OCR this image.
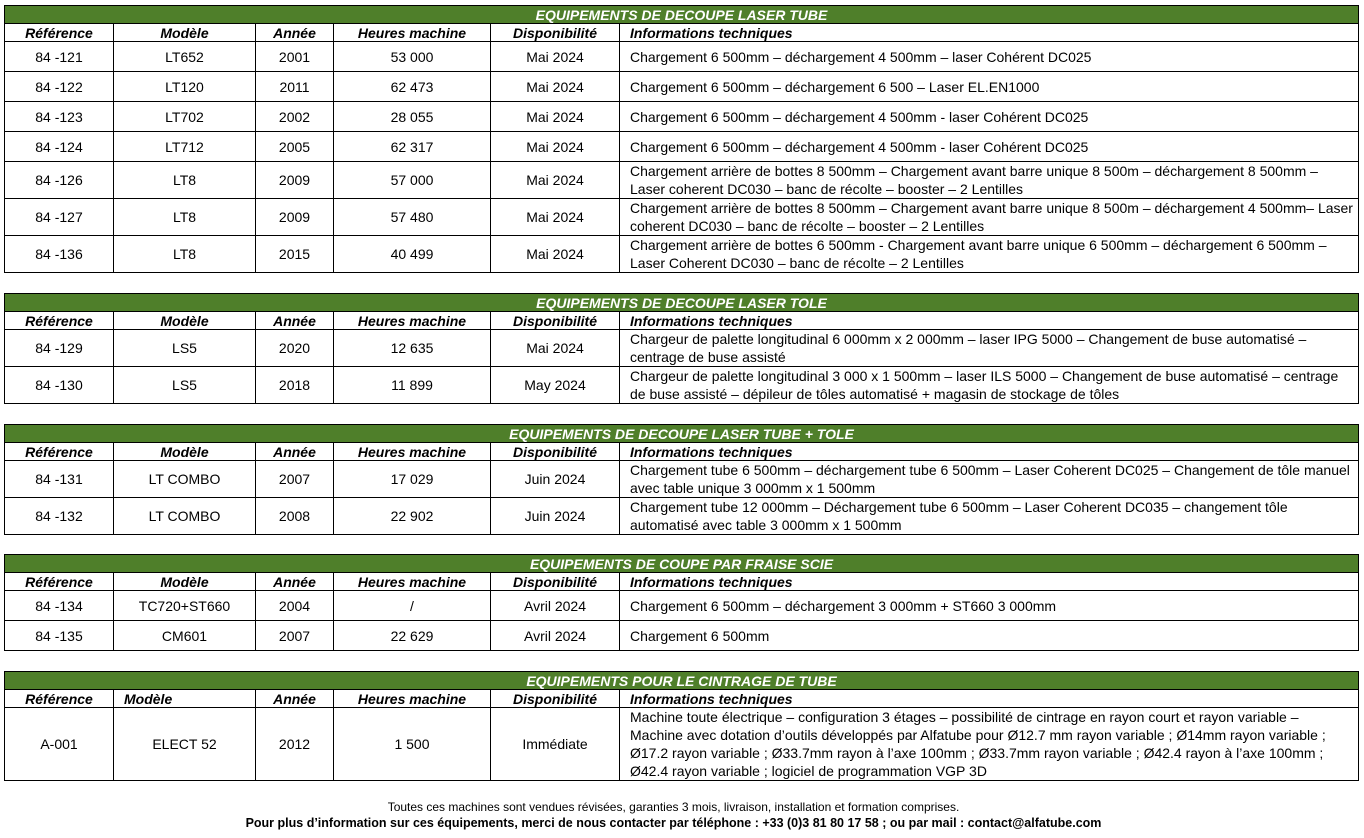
EQUIPEMENTS DE DECOUPE LASER TUBE					
Référence	Modèle	Année	Heures machine	Disponibilité	Informations techniques
84 -121	LT652	2001	53 000	Mai 2024	Chargement 6 500mm – déchargement 4 500mm – laser Cohérent DC025
84 -122	LT120	2011	62 473	Mai 2024	Chargement 6 500mm – déchargement 6 500 – Laser EL.EN1000
84 -123	LT702	2002	28 055	Mai 2024	Chargement 6 500mm – déchargement 4 500mm - laser Cohérent DC025
84 -124	LT712	2005	62 317	Mai 2024	Chargement 6 500mm – déchargement 4 500mm - laser Cohérent DC025
84 -126	LT8	2009	57 000	Mai 2024	Chargement arrière de bottes 8 500mm – Chargement avant barre unique 8 500m – déchargement 8 500mm – Laser coherent DC030 – banc de récolte – booster – 2 Lentilles
84 -127	LT8	2009	57 480	Mai 2024	Chargement arrière de bottes 8 500mm – Chargement avant barre unique 8 500m – déchargement 4 500mm– Laser coherent DC030 – banc de récolte – booster – 2 Lentilles
84 -136	LT8	2015	40 499	Mai 2024	Chargement arrière de bottes 6 500mm - Chargement avant barre unique 6 500mm – déchargement 6 500mm – Laser Coherent DC030 – banc de récolte – 2 Lentilles
EQUIPEMENTS DE DECOUPE LASER TOLE					
Référence	Modèle	Année	Heures machine	Disponibilité	Informations techniques
84 -129	LS5	2020	12 635	Mai 2024	Chargeur de palette longitudinal 6 000mm x 2 000mm – laser IPG 5000 – Changement de buse automatisé – centrage de buse assisté
84 -130	LS5	2018	11 899	May 2024	Chargeur de palette longitudinal 3 000 x 1 500mm – laser ILS 5000 – Changement de buse automatisé – centrage de buse assisté – dépileur de tôles automatisé + magasin de stockage de tôles
EQUIPEMENTS DE DECOUPE LASER TUBE + TOLE					
Référence	Modèle	Année	Heures machine	Disponibilité	Informations techniques
84 -131	LT COMBO	2007	17 029	Juin 2024	Chargement tube 6 500mm – déchargement tube 6 500mm – Laser Coherent DC025 – Changement de tôle manuel avec table unique 3 000mm x 1 500mm
84 -132	LT COMBO	2008	22 902	Juin 2024	Chargement tube 12 000mm – Déchargement tube 6 500mm – Laser Coherent DC035 – changement tôle automatisé avec table 3 000mm x 1 500mm
EQUIPEMENTS DE COUPE PAR FRAISE SCIE					
Référence	Modèle	Année	Heures machine	Disponibilité	Informations techniques
84 -134	TC720+ST660	2004	/	Avril 2024	Chargement 6 500mm – déchargement 3 000mm + ST660 3 000mm
84 -135	CM601	2007	22 629	Avril 2024	Chargement 6 500mm
EQUIPEMENTS POUR LE CINTRAGE DE TUBE					
Référence	Modèle	Année	Heures machine	Disponibilité	Informations techniques
A-001	ELECT 52	2012	1 500	Immédiate	Machine toute électrique – configuration 3 étages – possibilité de cintrage en rayon court et rayon variable – Machine avec dotation d’outils développés par Alfatube pour Ø12.7 mm rayon variable ; Ø14mm rayon variable ; Ø17.2 rayon variable ; Ø33.7mm rayon à l’axe 100mm ; Ø33.7mm rayon variable ; Ø42.4 rayon à l’axe 100mm ; Ø42.4 rayon variable ; logiciel de programmation VGP 3D
Toutes ces machines sont vendues révisées, garanties 3 mois, livraison, installation et formation comprises.
Pour plus d’information sur ces équipements, merci de nous contacter par téléphone : +33 (0)3 81 80 17 58 ; ou par mail : contact@alfatube.com
